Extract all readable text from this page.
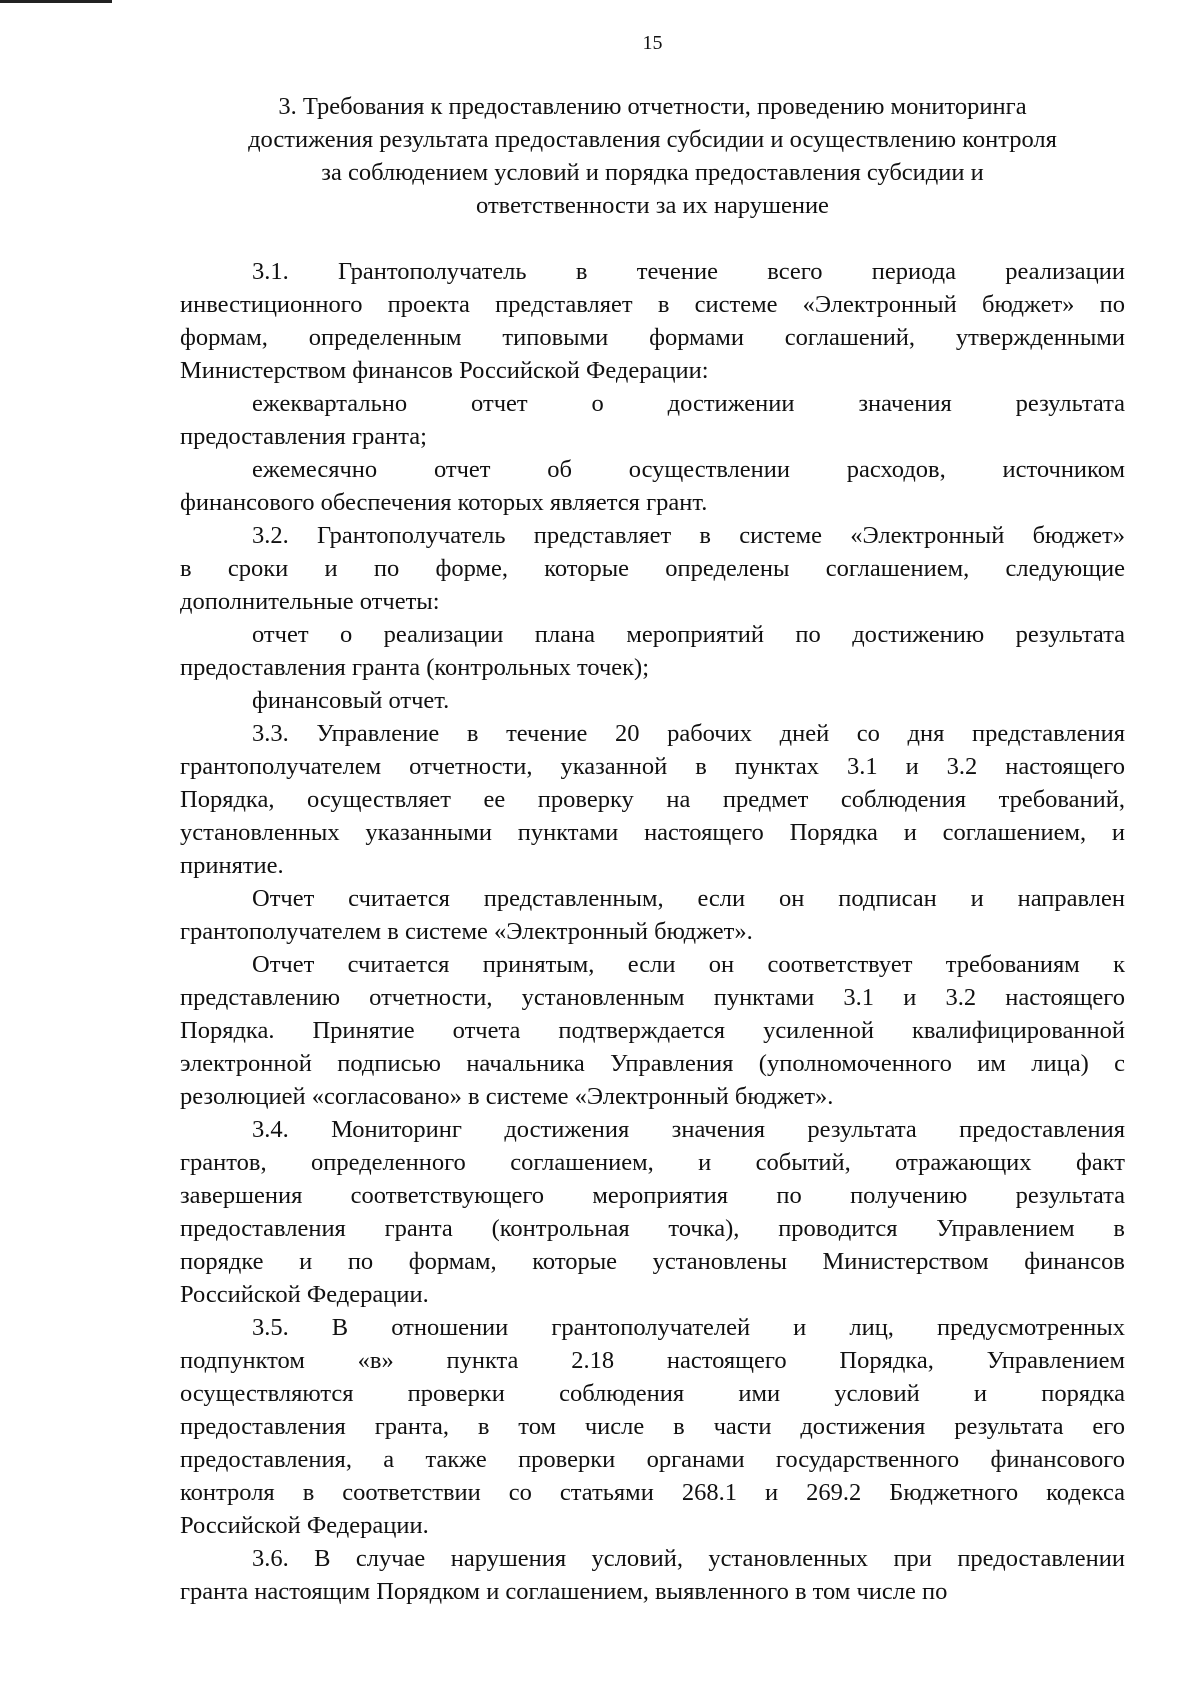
15
3. Требования к предоставлению отчетности, проведению мониторинга
достижения результата предоставления субсидии и осуществлению контроля
за соблюдением условий и порядка предоставления субсидии и
ответственности за их нарушение
3.1. Грантополучатель в течение всего периода реализации
инвестиционного проекта представляет в системе «Электронный бюджет» по
формам, определенным типовыми формами соглашений, утвержденными
Министерством финансов Российской Федерации:
ежеквартально отчет о достижении значения результата
предоставления гранта;
ежемесячно отчет об осуществлении расходов, источником
финансового обеспечения которых является грант.
3.2. Грантополучатель представляет в системе «Электронный бюджет»
в сроки и по форме, которые определены соглашением, следующие
дополнительные отчеты:
отчет о реализации плана мероприятий по достижению результата
предоставления гранта (контрольных точек);
финансовый отчет.
3.3. Управление в течение 20 рабочих дней со дня представления
грантополучателем отчетности, указанной в пунктах 3.1 и 3.2 настоящего
Порядка, осуществляет ее проверку на предмет соблюдения требований,
установленных указанными пунктами настоящего Порядка и соглашением, и
принятие.
Отчет считается представленным, если он подписан и направлен
грантополучателем в системе «Электронный бюджет».
Отчет считается принятым, если он соответствует требованиям к
представлению отчетности, установленным пунктами 3.1 и 3.2 настоящего
Порядка. Принятие отчета подтверждается усиленной квалифицированной
электронной подписью начальника Управления (уполномоченного им лица) с
резолюцией «согласовано» в системе «Электронный бюджет».
3.4. Мониторинг достижения значения результата предоставления
грантов, определенного соглашением, и событий, отражающих факт
завершения соответствующего мероприятия по получению результата
предоставления гранта (контрольная точка), проводится Управлением в
порядке и по формам, которые установлены Министерством финансов
Российской Федерации.
3.5. В отношении грантополучателей и лиц, предусмотренных
подпунктом «в» пункта 2.18 настоящего Порядка, Управлением
осуществляются проверки соблюдения ими условий и порядка
предоставления гранта, в том числе в части достижения результата его
предоставления, а также проверки органами государственного финансового
контроля в соответствии со статьями 268.1 и 269.2 Бюджетного кодекса
Российской Федерации.
3.6. В случае нарушения условий, установленных при предоставлении
гранта настоящим Порядком и соглашением, выявленного в том числе по
